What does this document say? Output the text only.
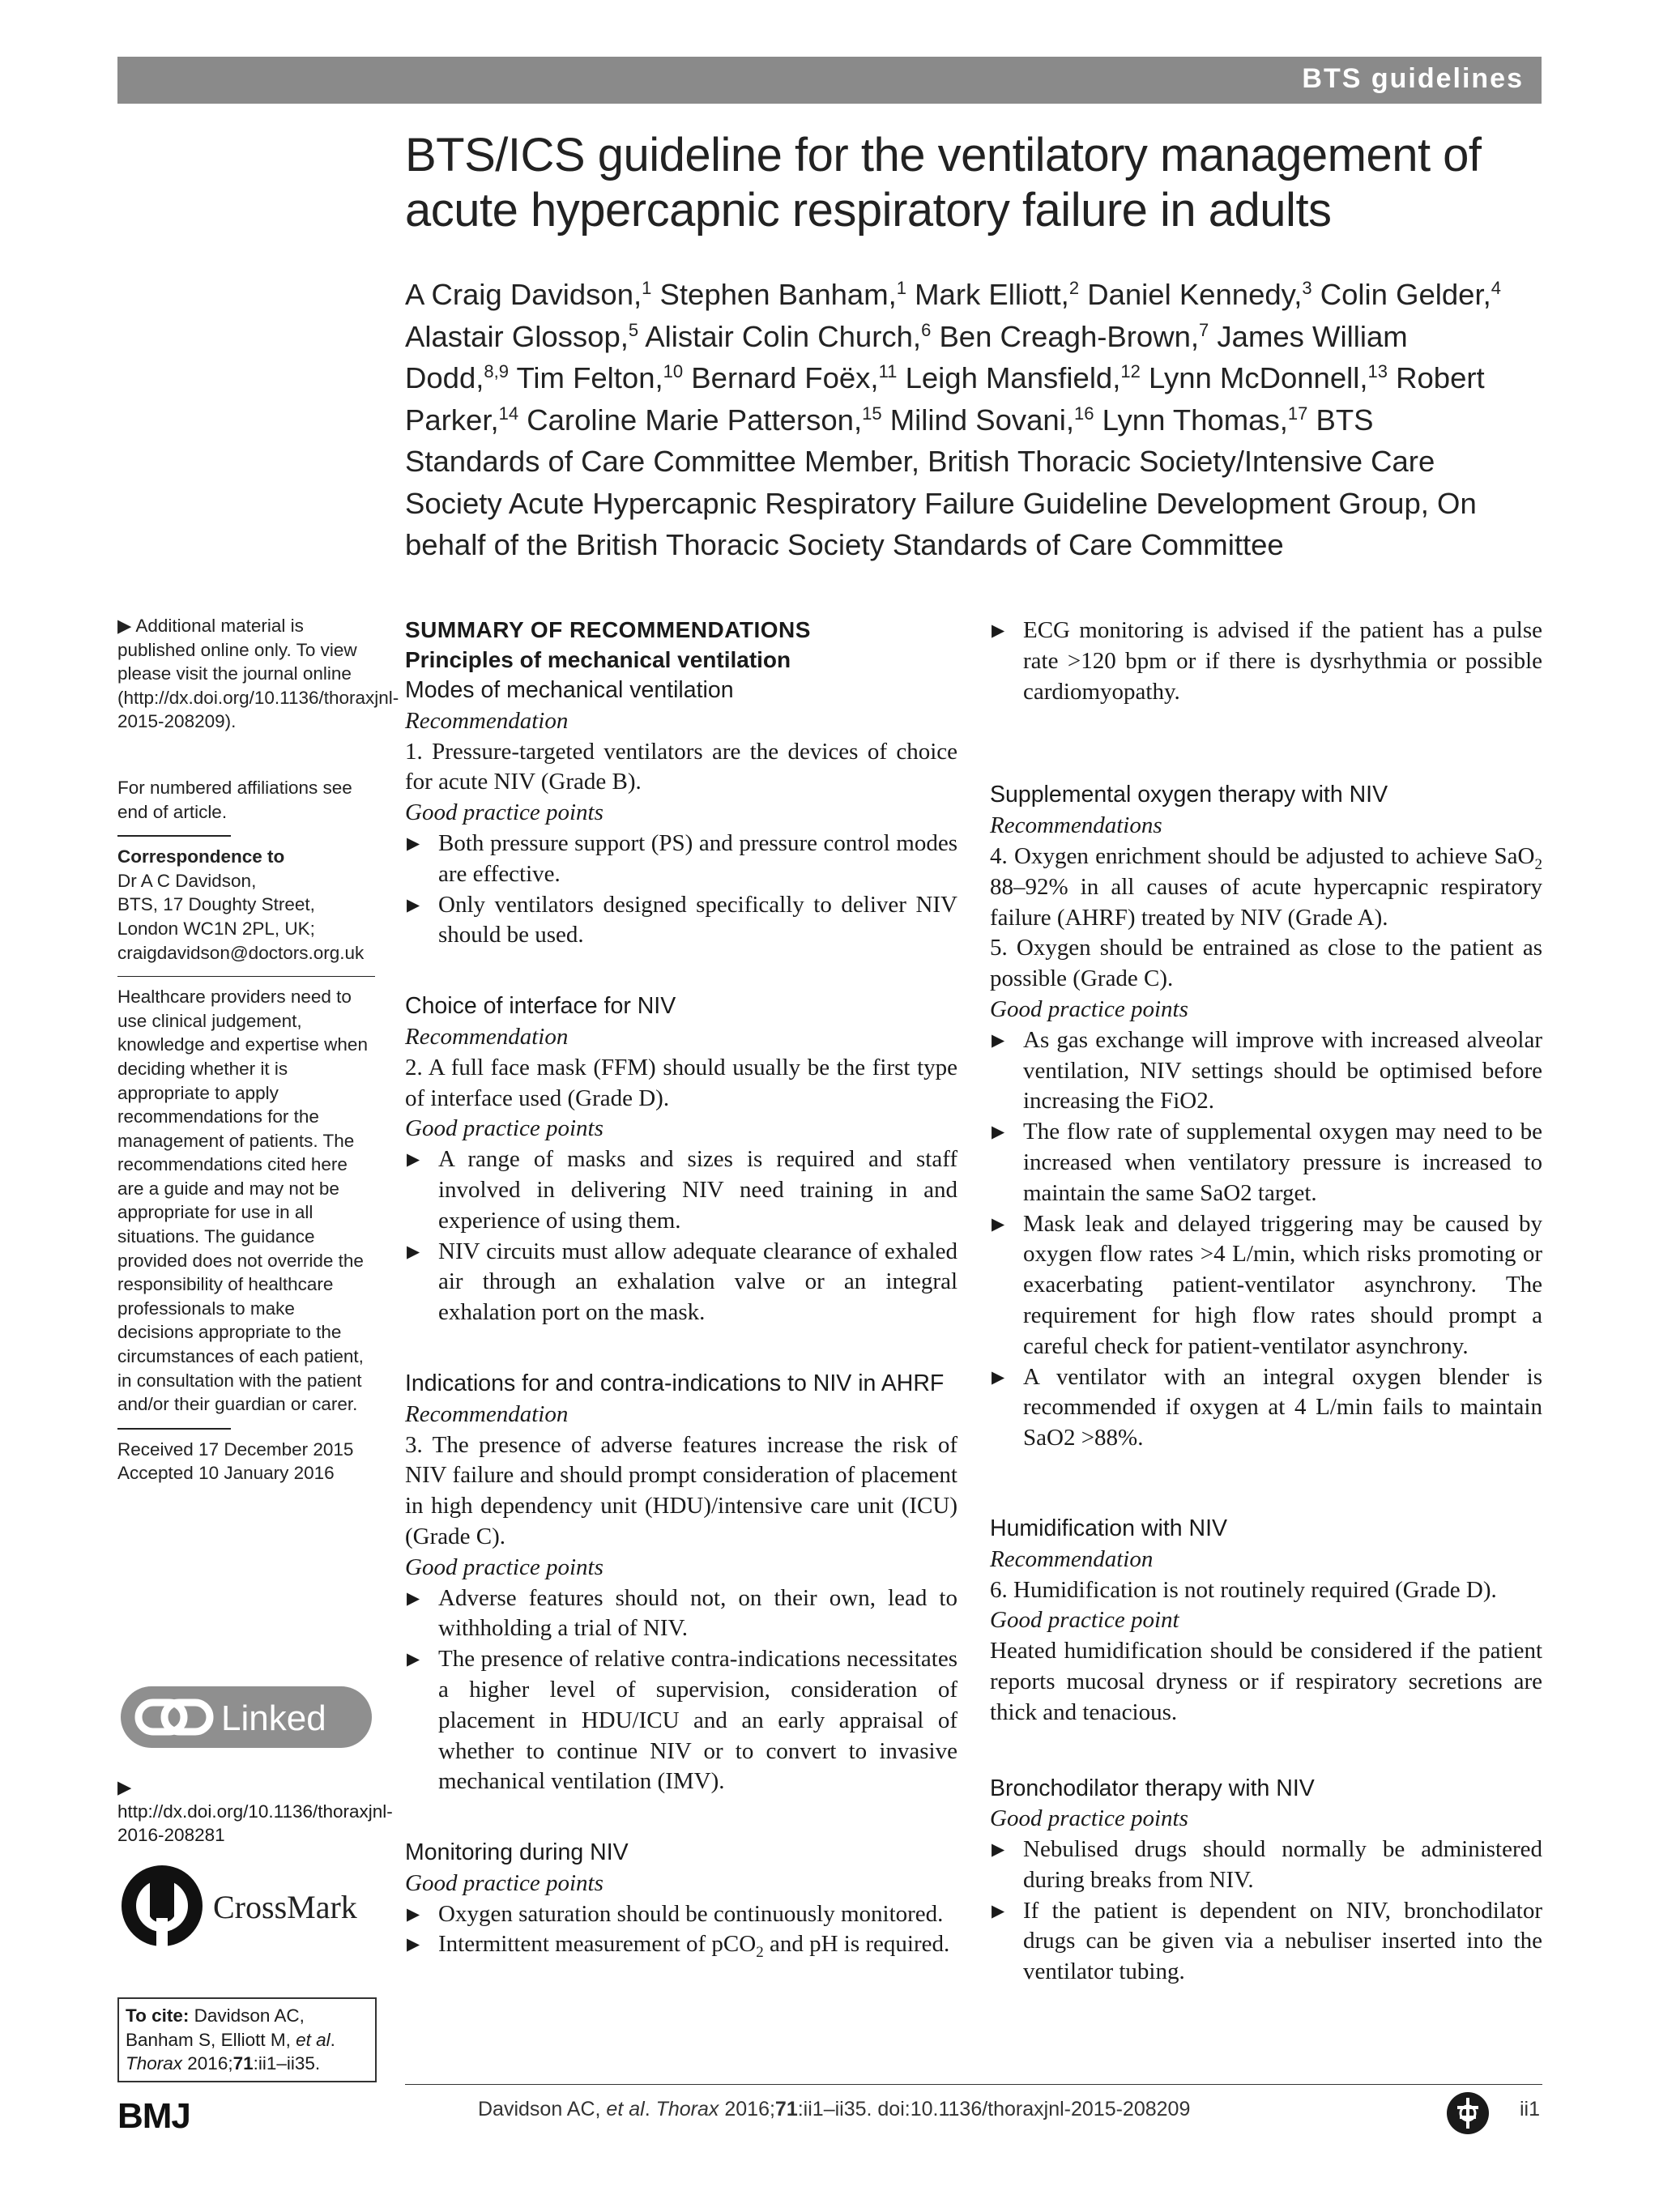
BTS guidelines
BTS/ICS guideline for the ventilatory management of acute hypercapnic respiratory failure in adults
A Craig Davidson,$^1$ Stephen Banham,$^1$ Mark Elliott,$^2$ Daniel Kennedy,$^3$ Colin Gelder,$^4$ Alastair Glossop,$^5$ Alistair Colin Church,$^6$ Ben Creagh-Brown,$^7$ James William Dodd,$^{8,9}$ Tim Felton,$^{10}$ Bernard Foëx,$^{11}$ Leigh Mansfield,$^{12}$ Lynn McDonnell,$^{13}$ Robert Parker,$^{14}$ Caroline Marie Patterson,$^{15}$ Milind Sovani,$^{16}$ Lynn Thomas,$^{17}$ BTS Standards of Care Committee Member, British Thoracic Society/Intensive Care Society Acute Hypercapnic Respiratory Failure Guideline Development Group, On behalf of the British Thoracic Society Standards of Care Committee

▶ Additional material is published online only. To view please visit the journal online (http://dx.doi.org/10.1136/thoraxjnl-2015-208209).

For numbered affiliations see end of article.

Correspondence to

Dr A C Davidson,

BTS, 17 Doughty Street,

London WC1N 2PL, UK;

craigdavidson@doctors.org.uk

Healthcare providers need to use clinical judgement, knowledge and expertise when deciding whether it is appropriate to apply recommendations for the management of patients. The recommendations cited here are a guide and may not be appropriate for use in all situations. The guidance provided does not override the responsibility of healthcare professionals to make decisions appropriate to the circumstances of each patient, in consultation with the patient and/or their guardian or carer.

Received 17 December 2015

Accepted 10 January 2016

Linked

▶ http://dx.doi.org/10.1136/thoraxjnl-2016-208281

CrossMark
To cite: Davidson AC, Banham S, Elliott M, et al. Thorax 2016;71:ii1–ii35.

SUMMARY OF RECOMMENDATIONS

Principles of mechanical ventilation

Modes of mechanical ventilation

Recommendation

1. Pressure-targeted ventilators are the devices of choice for acute NIV (Grade B).

Good practice points

▶ Both pressure support (PS) and pressure control modes are effective.
▶ Only ventilators designed specifically to deliver NIV should be used.

Choice of interface for NIV

Recommendation

2. A full face mask (FFM) should usually be the first type of interface used (Grade D).

Good practice points

▶ A range of masks and sizes is required and staff involved in delivering NIV need training in and experience of using them.
▶ NIV circuits must allow adequate clearance of exhaled air through an exhalation valve or an integral exhalation port on the mask.

Indications for and contra-indications to NIV in AHRF

Recommendation

3. The presence of adverse features increase the risk of NIV failure and should prompt consideration of placement in high dependency unit (HDU)/intensive care unit (ICU) (Grade C).

Good practice points

▶ Adverse features should not, on their own, lead to withholding a trial of NIV.
▶ The presence of relative contra-indications necessitates a higher level of supervision, consideration of placement in HDU/ICU and an early appraisal of whether to continue NIV or to convert to invasive mechanical ventilation (IMV).

Monitoring during NIV

Good practice points

▶ Oxygen saturation should be continuously monitored.
▶ Intermittent measurement of pCO$_2$ and pH is required.
▶ ECG monitoring is advised if the patient has a pulse rate >120 bpm or if there is dysrhythmia or possible cardiomyopathy.

Supplemental oxygen therapy with NIV

Recommendations

4. Oxygen enrichment should be adjusted to achieve SaO$_2$ 88–92% in all causes of acute hypercapnic respiratory failure (AHRF) treated by NIV (Grade A).

5. Oxygen should be entrained as close to the patient as possible (Grade C).

Good practice points

▶ As gas exchange will improve with increased alveolar ventilation, NIV settings should be optimised before increasing the FiO2.
▶ The flow rate of supplemental oxygen may need to be increased when ventilatory pressure is increased to maintain the same SaO2 target.
▶ Mask leak and delayed triggering may be caused by oxygen flow rates >4 L/min, which risks promoting or exacerbating patient-ventilator asynchrony. The requirement for high flow rates should prompt a careful check for patient-ventilator asynchrony.
▶ A ventilator with an integral oxygen blender is recommended if oxygen at 4 L/min fails to maintain SaO2 >88%.

Humidification with NIV

Recommendation

6. Humidification is not routinely required (Grade D).

Good practice point

Heated humidification should be considered if the patient reports mucosal dryness or if respiratory secretions are thick and tenacious.

Bronchodilator therapy with NIV

Good practice points

▶ Nebulised drugs should normally be administered during breaks from NIV.
▶ If the patient is dependent on NIV, bronchodilator drugs can be given via a nebuliser inserted into the ventilator tubing.
BMJ	Davidson AC, et al. Thorax 2016;71:ii1–ii35. doi:10.1136/thoraxjnl-2015-208209	ii1
